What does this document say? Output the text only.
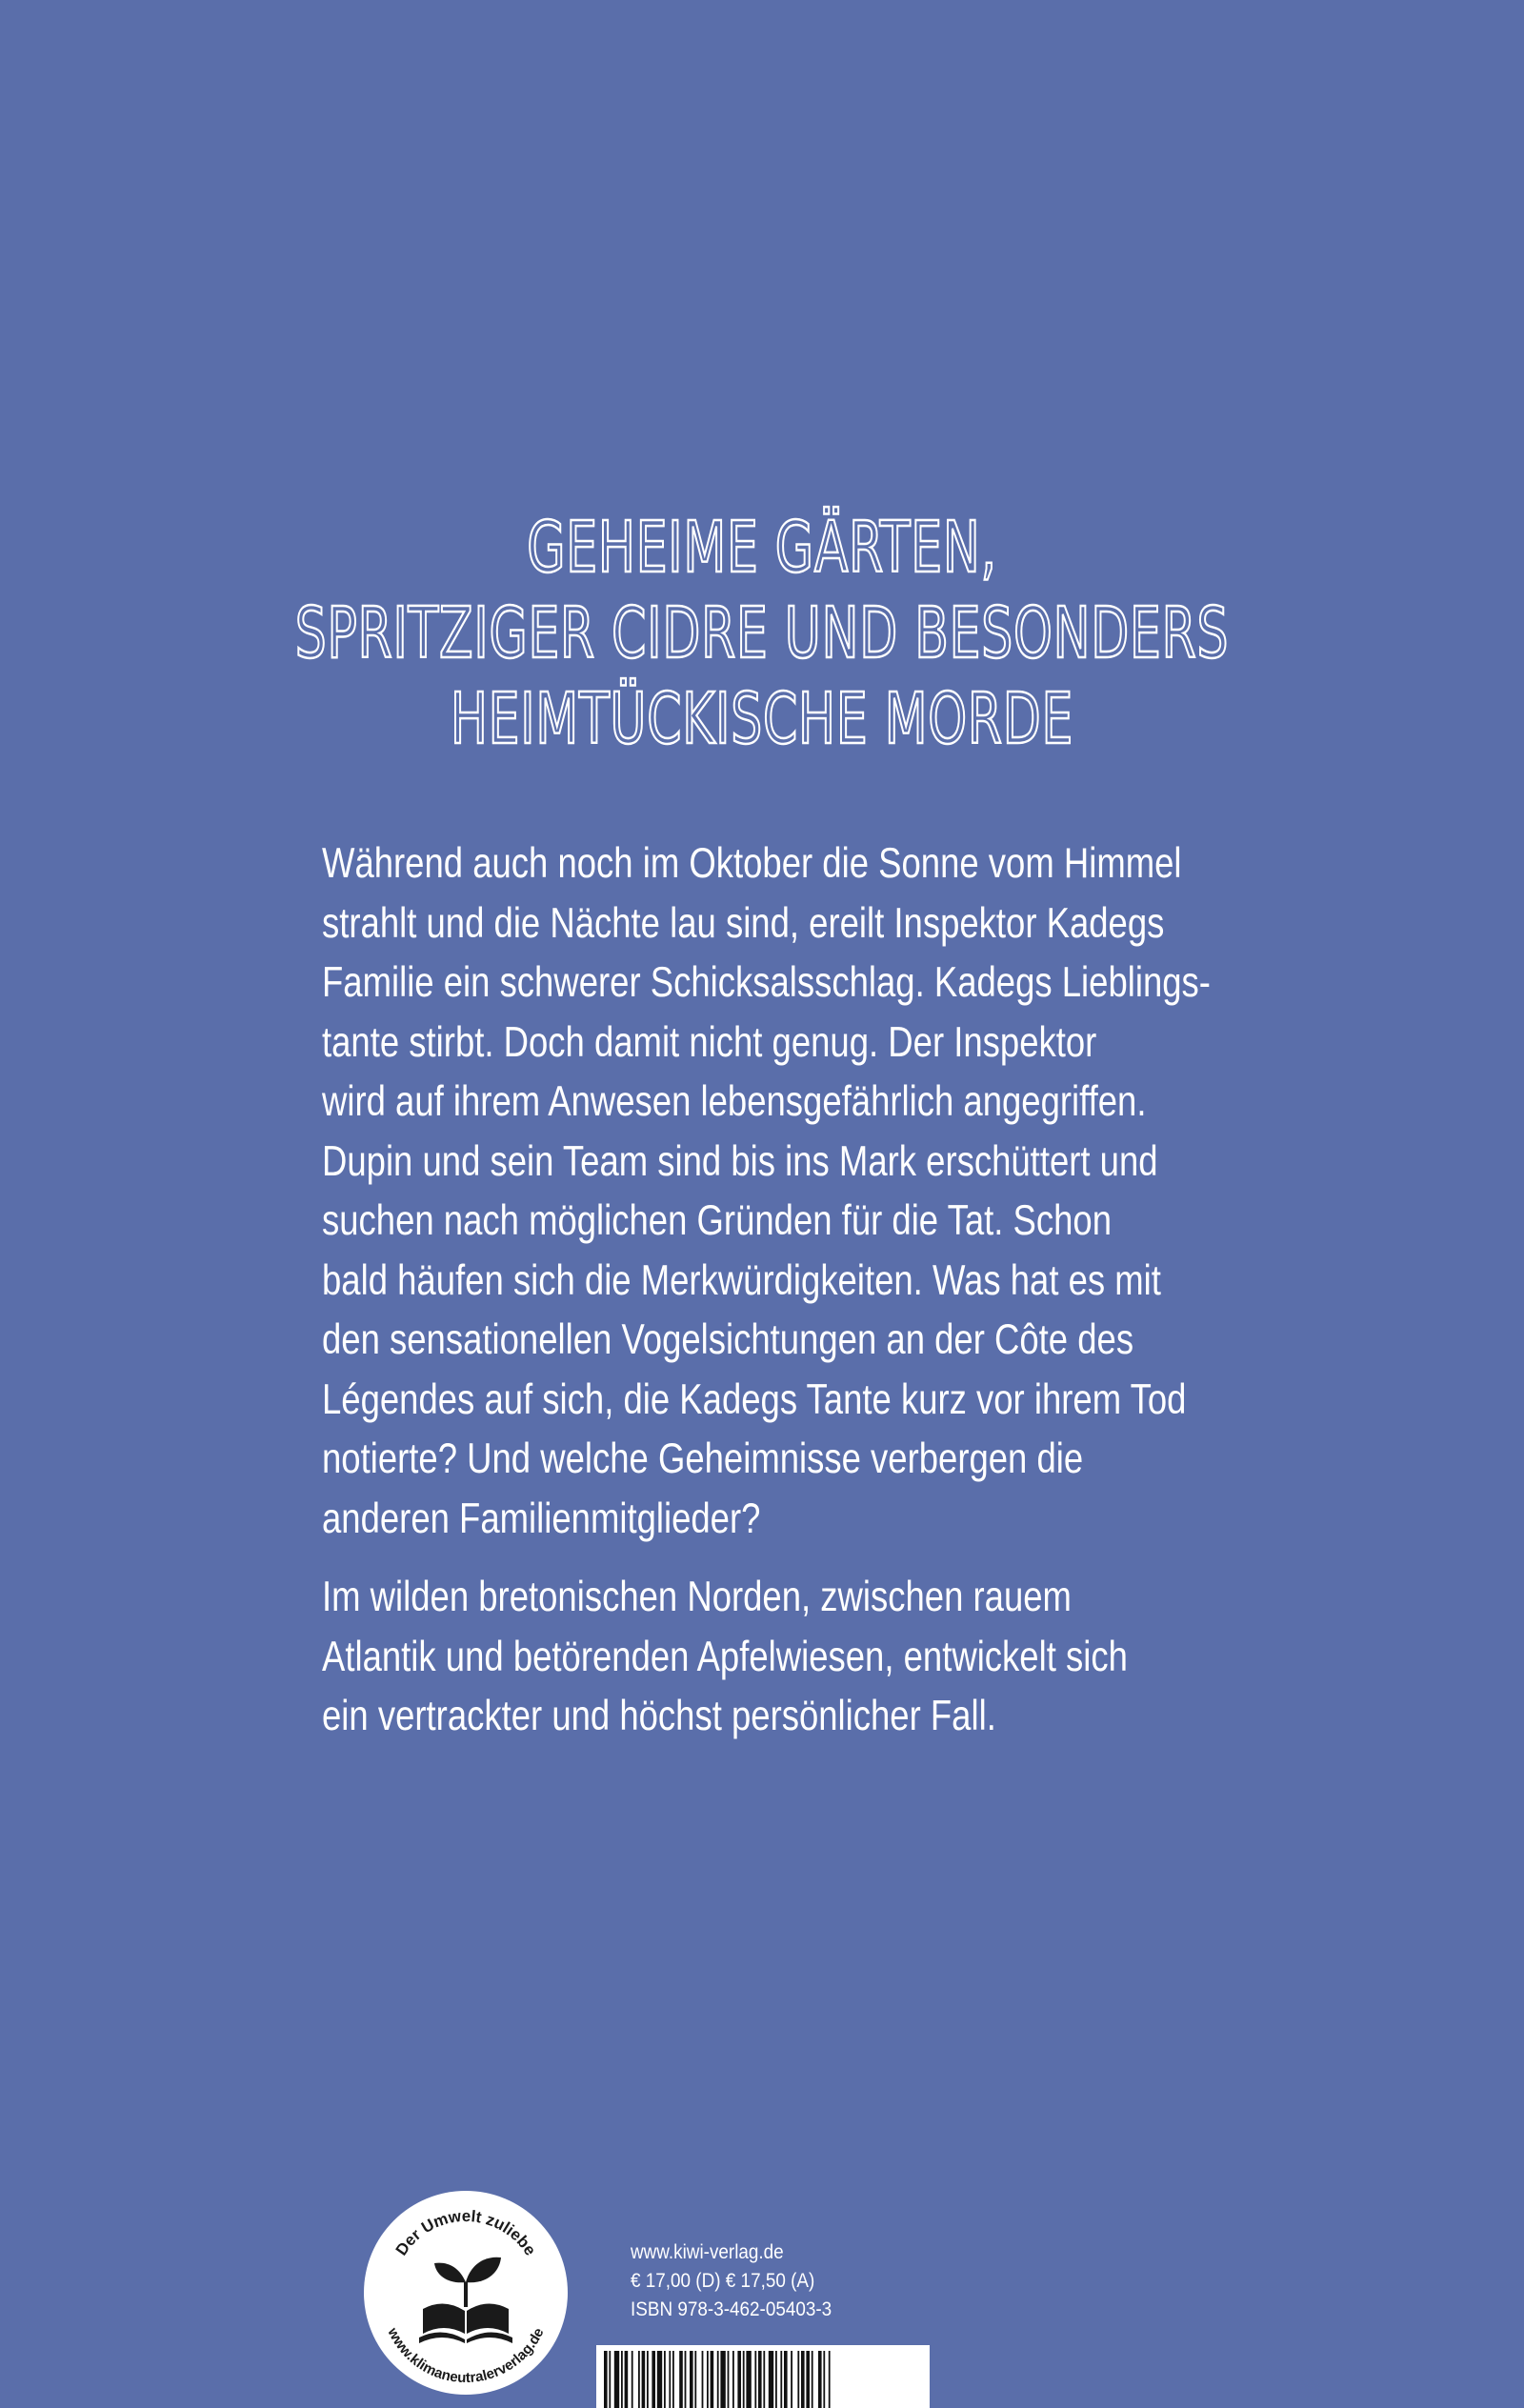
GEHEIME GÄRTEN,
SPRITZIGER CIDRE UND BESONDERS
HEIMTÜCKISCHE MORDE
Während auch noch im Oktober die Sonne vom Himmel
strahlt und die Nächte lau sind, ereilt Inspektor Kadegs
Familie ein schwerer Schicksalsschlag. Kadegs Lieblings-
tante stirbt. Doch damit nicht genug. Der Inspektor
wird auf ihrem Anwesen lebensgefährlich angegriffen.
Dupin und sein Team sind bis ins Mark erschüttert und
suchen nach möglichen Gründen für die Tat. Schon
bald häufen sich die Merkwürdigkeiten. Was hat es mit
den sensationellen Vogelsichtungen an der Côte des
Légendes auf sich, die Kadegs Tante kurz vor ihrem Tod
notierte? Und welche Geheimnisse verbergen die
anderen Familienmitglieder?
Im wilden bretonischen Norden, zwischen rauem
Atlantik und betörenden Apfelwiesen, entwickelt sich
ein vertrackter und höchst persönlicher Fall.
Der Umwelt zuliebe
www.klimaneutralerverlag.de
www.kiwi-verlag.de
€ 17,00 (D) € 17,50 (A)
ISBN 978-3-462-05403-3
